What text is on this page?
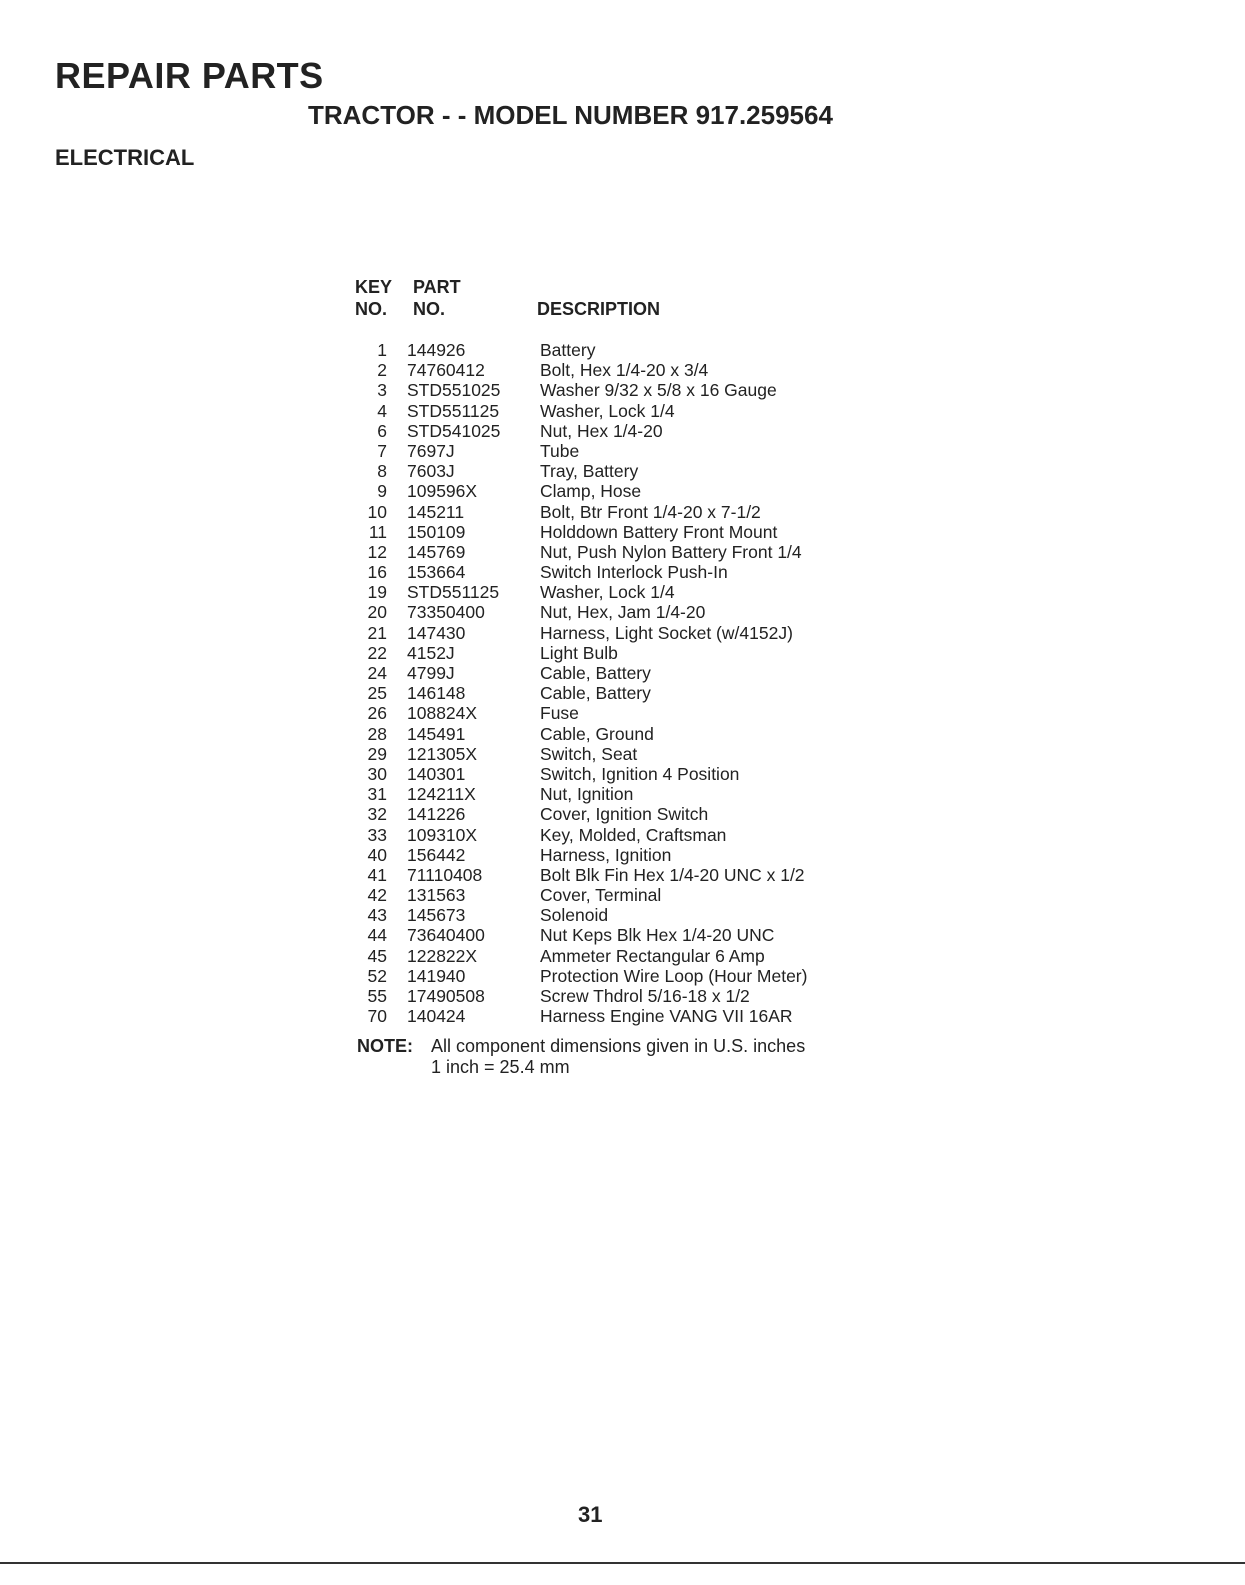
REPAIR PARTS
TRACTOR - - MODEL NUMBER 917.259564
ELECTRICAL
KEY
NO.
PART
NO.	DESCRIPTION
1 144926	Battery
2 74760412	Bolt, Hex 1/4-20 x 3/4
3 STD551025	Washer 9/32 x 5/8 x 16 Gauge
4 STD551125	Washer, Lock 1/4
6 STD541025	Nut, Hex 1/4-20
7 7697J	Tube
8 7603J	Tray, Battery
9 109596X	Clamp, Hose
10 145211	Bolt, Btr Front 1/4-20 x 7-1/2
11 150109	Holddown Battery Front Mount
12 145769	Nut, Push Nylon Battery Front 1/4
16 153664	Switch Interlock Push-In
19 STD551125	Washer, Lock 1/4
20 73350400	Nut, Hex, Jam 1/4-20
21 147430	Harness, Light Socket (w/4152J)
22 4152J	Light Bulb
24 4799J	Cable, Battery
25 146148	Cable, Battery
26 108824X	Fuse
28 145491	Cable, Ground
29 121305X	Switch, Seat
30 140301	Switch, Ignition 4 Position
31 124211X	Nut, Ignition
32 141226	Cover, Ignition Switch
33 109310X	Key, Molded, Craftsman
40 156442	Harness, Ignition
41 71110408	Bolt Blk Fin Hex 1/4-20 UNC x 1/2
42 131563	Cover, Terminal
43 145673	Solenoid
44 73640400	Nut Keps Blk Hex 1/4-20 UNC
45 122822X	Ammeter Rectangular 6 Amp
52 141940	Protection Wire Loop (Hour Meter)
55 17490508	Screw Thdrol 5/16-18 x 1/2
70 140424	Harness Engine VANG VII 16AR
NOTE: All component dimensions given in U.S. inches
1 inch = 25.4 mm
31
